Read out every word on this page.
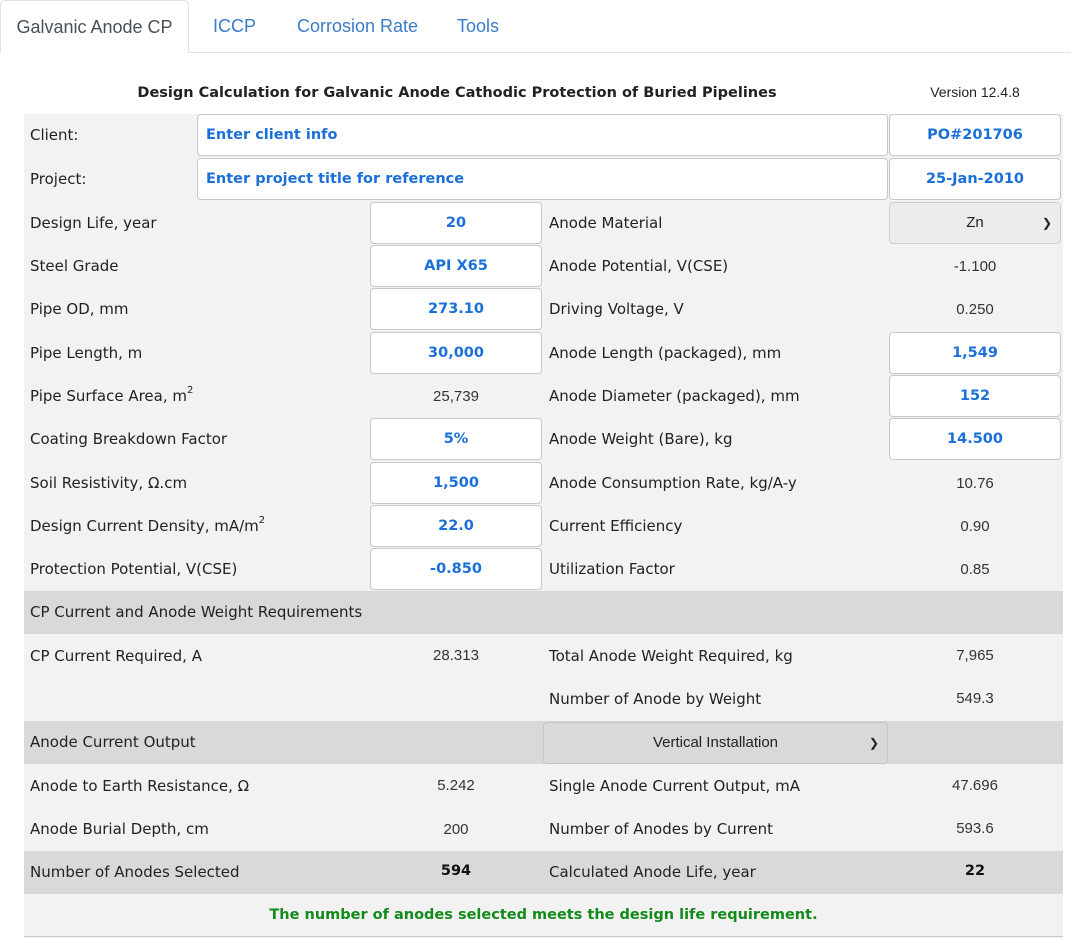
Galvanic Anode CP	ICCP Corrosion Rate Tools
Design Calculation for Galvanic Anode Cathodic Protection of Buried Pipelines	Version 12.4.8
Client:	Enter client info	PO#201706
Project:	Enter project title for reference	25-Jan-2010
Design Life, year	20	Anode Material	Zn	❯
Steel Grade	API X65	Anode Potential, V(CSE)	-1.100
Pipe OD, mm	273.10	Driving Voltage, V	0.250
Pipe Length, m	30,000	Anode Length (packaged), mm	1,549
Pipe Surface Area, $m^2$	25,739	Anode Diameter (packaged), mm	152
Coating Breakdown Factor	5%	Anode Weight (Bare), kg	14.500
Soil Resistivity, Ω.cm	1,500	Anode Consumption Rate, kg/A-y	10.76
Design Current Density, $mA/m^2$	22.0	Current Efficiency	0.90
Protection Potential, V(CSE)	-0.850	Utilization Factor	0.85
CP Current and Anode Weight Requirements
CP Current Required, A	28.313	Total Anode Weight Required, kg	7,965
Number of Anode by Weight	549.3
Anode Current Output	Vertical Installation	❯
Anode to Earth Resistance, Ω	5.242	Single Anode Current Output, mA	47.696
Anode Burial Depth, cm	200	Number of Anodes by Current	593.6
Number of Anodes Selected	594	Calculated Anode Life, year	22
The number of anodes selected meets the design life requirement.
